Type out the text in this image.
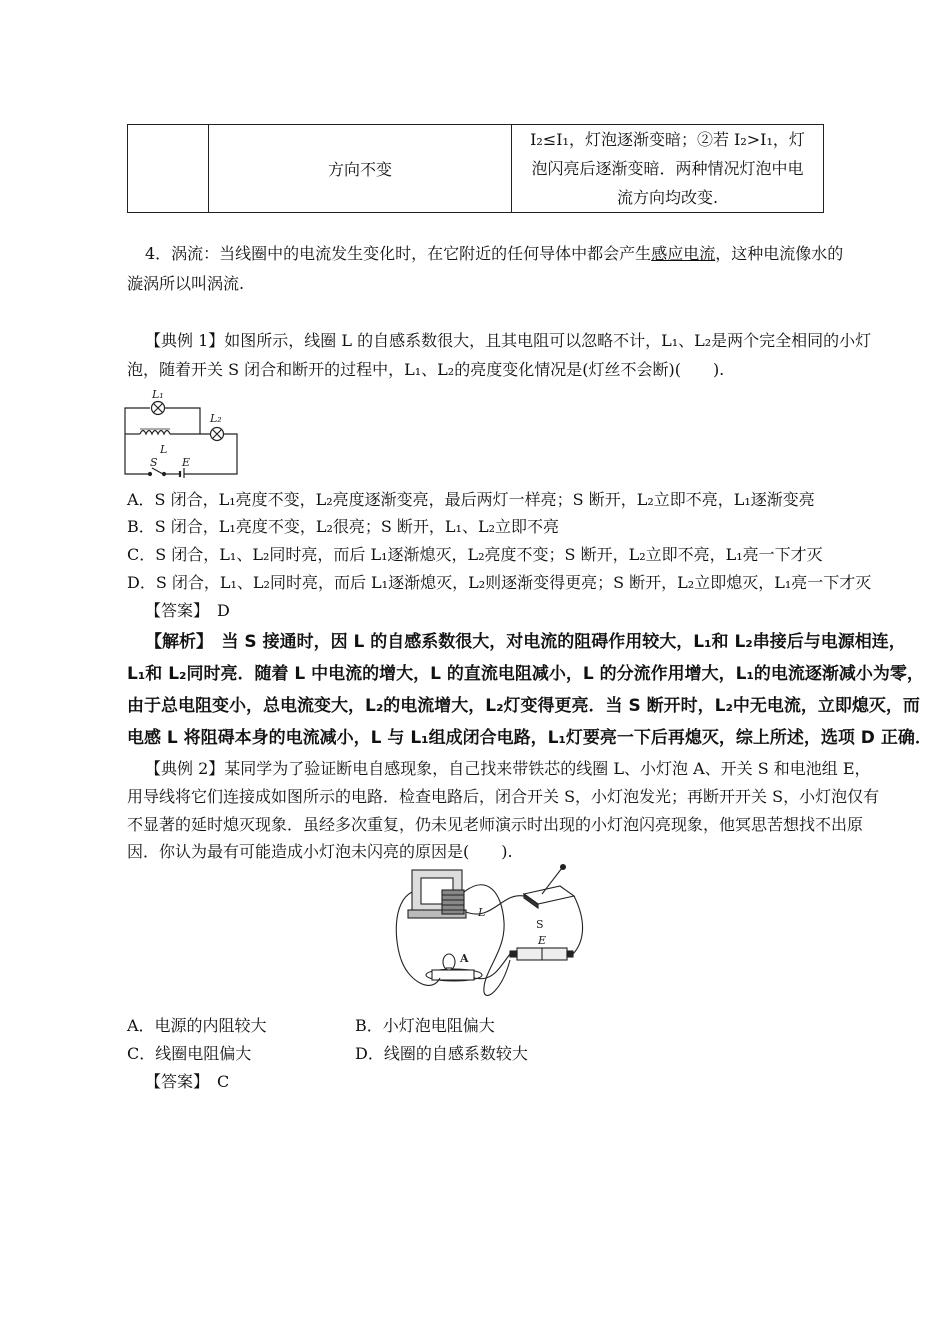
	方向不变	
I₂≤I₁，灯泡逐渐变暗；②若 I₂>I₁，灯
泡闪亮后逐渐变暗．两种情况灯泡中电
流方向均改变.
4．涡流：当线圈中的电流发生变化时，在它附近的任何导体中都会产生感应电流，这种电流像水的
漩涡所以叫涡流.
【典例 1】如图所示，线圈 L 的自感系数很大，且其电阻可以忽略不计，L₁、L₂是两个完全相同的小灯
泡，随着开关 S 闭合和断开的过程中，L₁、L₂的亮度变化情况是(灯丝不会断)(　　).
L₁
L₂
L
S E
A．S 闭合，L₁亮度不变，L₂亮度逐渐变亮，最后两灯一样亮；S 断开，L₂立即不亮，L₁逐渐变亮
B．S 闭合，L₁亮度不变，L₂很亮；S 断开，L₁、L₂立即不亮
C．S 闭合，L₁、L₂同时亮，而后 L₁逐渐熄灭，L₂亮度不变；S 断开，L₂立即不亮，L₁亮一下才灭
D．S 闭合，L₁、L₂同时亮，而后 L₁逐渐熄灭，L₂则逐渐变得更亮；S 断开，L₂立即熄灭，L₁亮一下才灭
【答案】　D
【解析】　当 S 接通时，因 L 的自感系数很大，对电流的阻碍作用较大，L₁和 L₂串接后与电源相连，
L₁和 L₂同时亮．随着 L 中电流的增大，L 的直流电阻减小，L 的分流作用增大，L₁的电流逐渐减小为零，
由于总电阻变小，总电流变大，L₂的电流增大，L₂灯变得更亮．当 S 断开时，L₂中无电流，立即熄灭，而
电感 L 将阻碍本身的电流减小，L 与 L₁组成闭合电路，L₁灯要亮一下后再熄灭，综上所述，选项 D 正确．
【典例 2】某同学为了验证断电自感现象，自己找来带铁芯的线圈 L、小灯泡 A、开关 S 和电池组 E，
用导线将它们连接成如图所示的电路．检查电路后，闭合开关 S，小灯泡发光；再断开开关 S，小灯泡仅有
不显著的延时熄灭现象．虽经多次重复，仍未见老师演示时出现的小灯泡闪亮现象，他冥思苦想找不出原
因．你认为最有可能造成小灯泡未闪亮的原因是(　　).
L
S
E
A
A．电源的内阻较大	B．小灯泡电阻偏大
C．线圈电阻偏大	D．线圈的自感系数较大
【答案】　C
